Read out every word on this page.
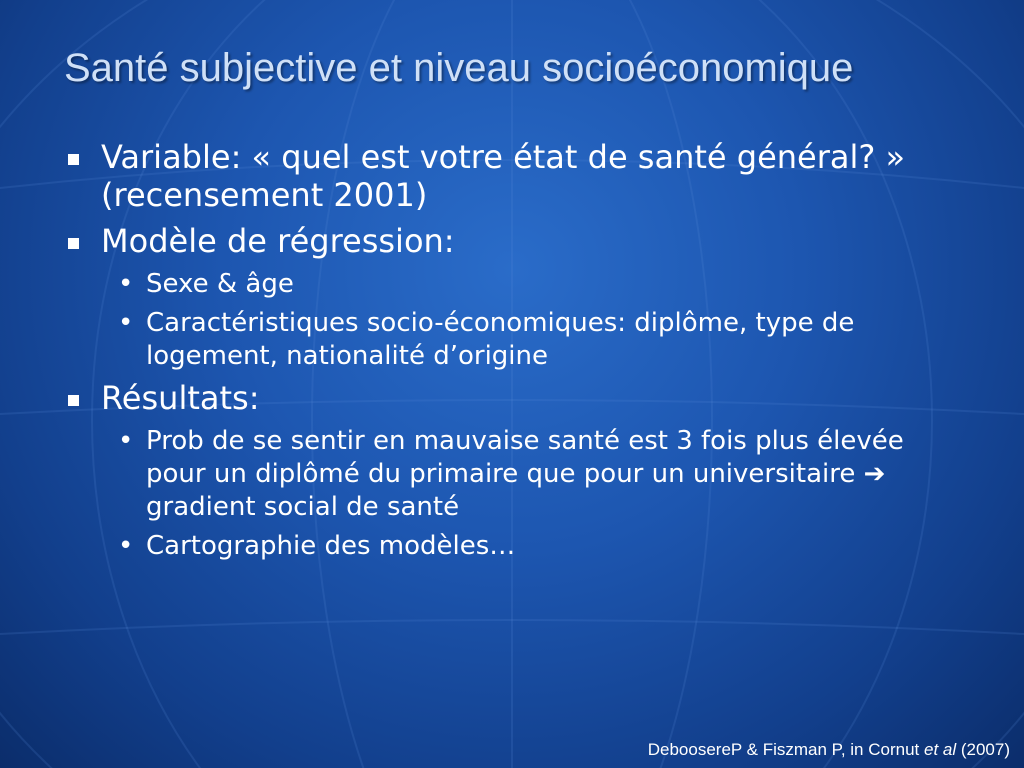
Santé subjective et niveau socioéconomique
Variable: « quel est votre état de santé général? » (recensement 2001)
Modèle de régression:
• Sexe & âge
• Caractéristiques socio-économiques: diplôme, type de logement, nationalité d’origine
Résultats:
• Prob de se sentir en mauvaise santé est 3 fois plus élevée pour un diplômé du primaire que pour un universitaire ➔ gradient social de santé
• Cartographie des modèles…
DeboosereP & Fiszman P, in Cornut et al (2007)
